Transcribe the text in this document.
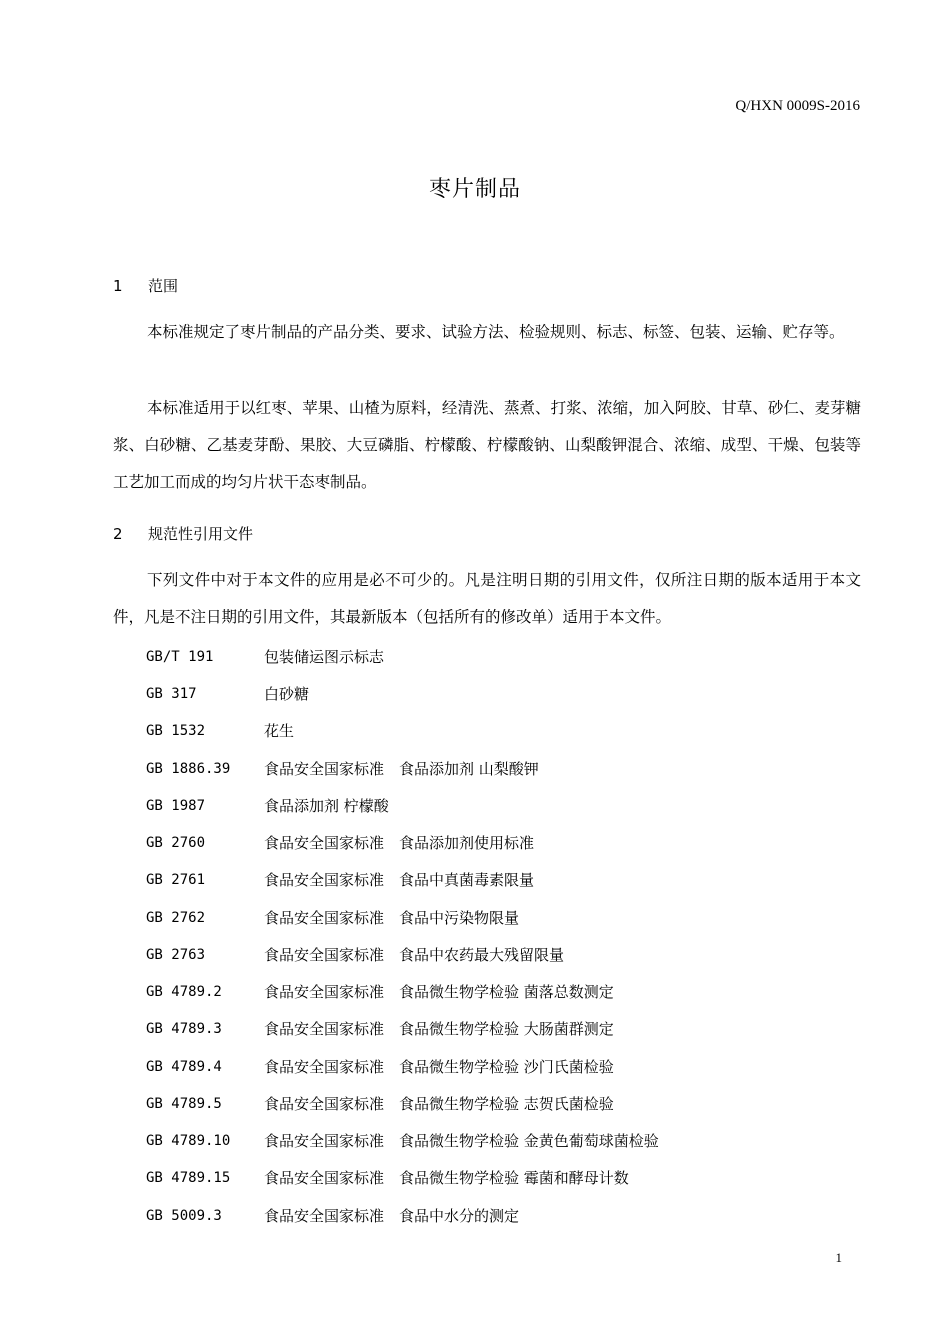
Q/HXN 0009S-2016
枣片制品
1 范围
本标准规定了枣片制品的产品分类、要求、试验方法、检验规则、标志、标签、包装、运输、贮存等。
本标准适用于以红枣、苹果、山楂为原料，经清洗、蒸煮、打浆、浓缩，加入阿胶、甘草、砂仁、麦芽糖浆、白砂糖、乙基麦芽酚、果胶、大豆磷脂、柠檬酸、柠檬酸钠、山梨酸钾混合、浓缩、成型、干燥、包装等工艺加工而成的均匀片状干态枣制品。
2 规范性引用文件
下列文件中对于本文件的应用是必不可少的。凡是注明日期的引用文件，仅所注日期的版本适用于本文件，凡是不注日期的引用文件，其最新版本（包括所有的修改单）适用于本文件。
GB/T 191	包装储运图示标志
GB 317	白砂糖
GB 1532	花生
GB 1886.39 食品安全国家标准　食品添加剂 山梨酸钾
GB 1987	食品添加剂 柠檬酸
GB 2760	食品安全国家标准　食品添加剂使用标准
GB 2761	食品安全国家标准　食品中真菌毒素限量
GB 2762	食品安全国家标准　食品中污染物限量
GB 2763	食品安全国家标准　食品中农药最大残留限量
GB 4789.2	食品安全国家标准　食品微生物学检验 菌落总数测定
GB 4789.3	食品安全国家标准　食品微生物学检验 大肠菌群测定
GB 4789.4	食品安全国家标准　食品微生物学检验 沙门氏菌检验
GB 4789.5	食品安全国家标准　食品微生物学检验 志贺氏菌检验
GB 4789.10 食品安全国家标准　食品微生物学检验 金黄色葡萄球菌检验
GB 4789.15 食品安全国家标准　食品微生物学检验 霉菌和酵母计数
GB 5009.3	食品安全国家标准　食品中水分的测定
1
